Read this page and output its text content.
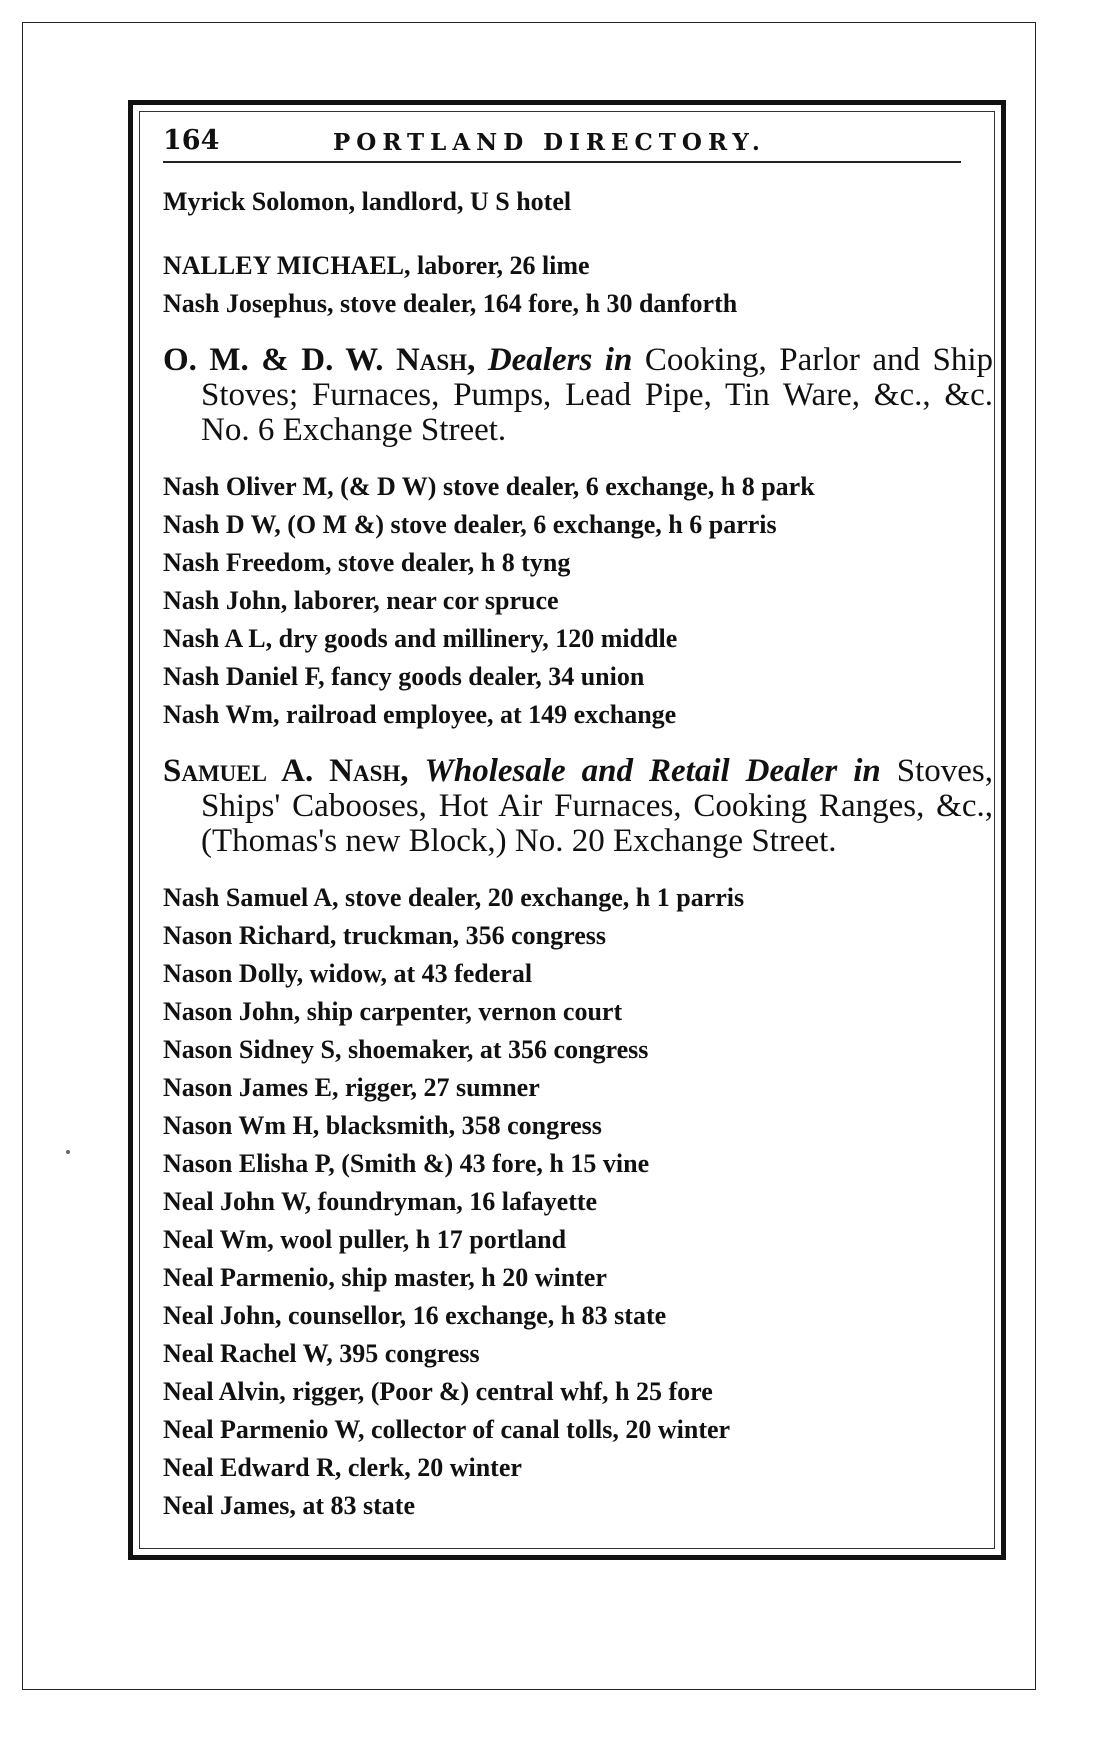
164	PORTLAND DIRECTORY.
Myrick Solomon, landlord, U S hotel
NALLEY MICHAEL, laborer, 26 lime
Nash Josephus, stove dealer, 164 fore, h 30 danforth
O. M. & D. W. Nash, Dealers in Cooking, Parlor and Ship Stoves; Furnaces, Pumps, Lead Pipe, Tin Ware, &c., &c. No. 6 Exchange Street.
Nash Oliver M, (& D W) stove dealer, 6 exchange, h 8 park
Nash D W, (O M &) stove dealer, 6 exchange, h 6 parris
Nash Freedom, stove dealer, h 8 tyng
Nash John, laborer, near cor spruce
Nash A L, dry goods and millinery, 120 middle
Nash Daniel F, fancy goods dealer, 34 union
Nash Wm, railroad employee, at 149 exchange
Samuel A. Nash, Wholesale and Retail Dealer in Stoves, Ships' Cabooses, Hot Air Furnaces, Cooking Ranges, &c., (Thomas's new Block,) No. 20 Exchange Street.
Nash Samuel A, stove dealer, 20 exchange, h 1 parris
Nason Richard, truckman, 356 congress
Nason Dolly, widow, at 43 federal
Nason John, ship carpenter, vernon court
Nason Sidney S, shoemaker, at 356 congress
Nason James E, rigger, 27 sumner
Nason Wm H, blacksmith, 358 congress
Nason Elisha P, (Smith &) 43 fore, h 15 vine
Neal John W, foundryman, 16 lafayette
Neal Wm, wool puller, h 17 portland
Neal Parmenio, ship master, h 20 winter
Neal John, counsellor, 16 exchange, h 83 state
Neal Rachel W, 395 congress
Neal Alvin, rigger, (Poor &) central whf, h 25 fore
Neal Parmenio W, collector of canal tolls, 20 winter
Neal Edward R, clerk, 20 winter
Neal James, at 83 state
